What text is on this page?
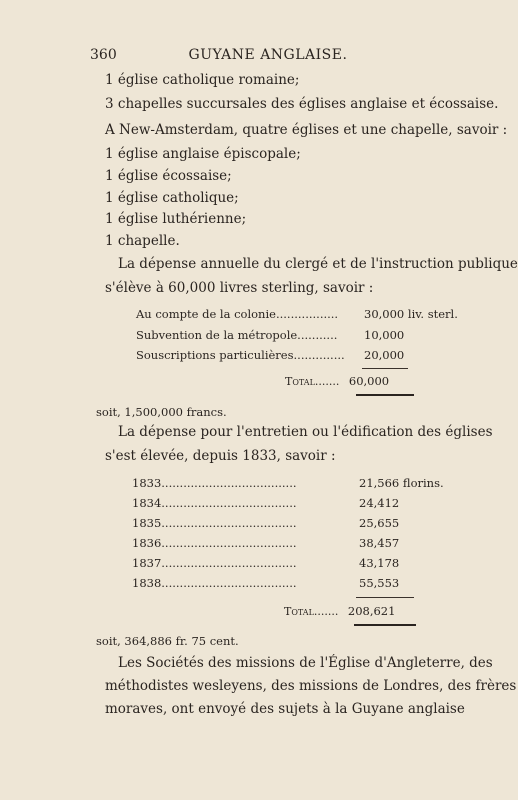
360	GUYANE ANGLAISE.
1 église catholique romaine;
3 chapelles succursales des églises anglaise et écossaise.
A New-Amsterdam, quatre églises et une chapelle, savoir :
1 église anglaise épiscopale;
1 église écossaise;
1 église catholique;
1 église luthérienne;
1 chapelle.
La dépense annuelle du clergé et de l'instruction publique
s'élève à 60,000 livres sterling, savoir :
Au compte de la colonie................. 30,000 liv. sterl.
Subvention de la métropole........... 10,000
Souscriptions particulières.............. 20,000
Total....... 60,000
soit, 1,500,000 francs.
La dépense pour l'entretien ou l'édification des églises
s'est élevée, depuis 1833, savoir :
1833.....................................	21,566 florins.
1834.....................................	24,412
1835.....................................	25,655
1836.....................................	38,457
1837.....................................	43,178
1838.....................................	55,553
Total....... 208,621
soit, 364,886 fr. 75 cent.
Les Sociétés des missions de l'Église d'Angleterre, des
méthodistes wesleyens, des missions de Londres, des frères
moraves, ont envoyé des sujets à la Guyane anglaise
